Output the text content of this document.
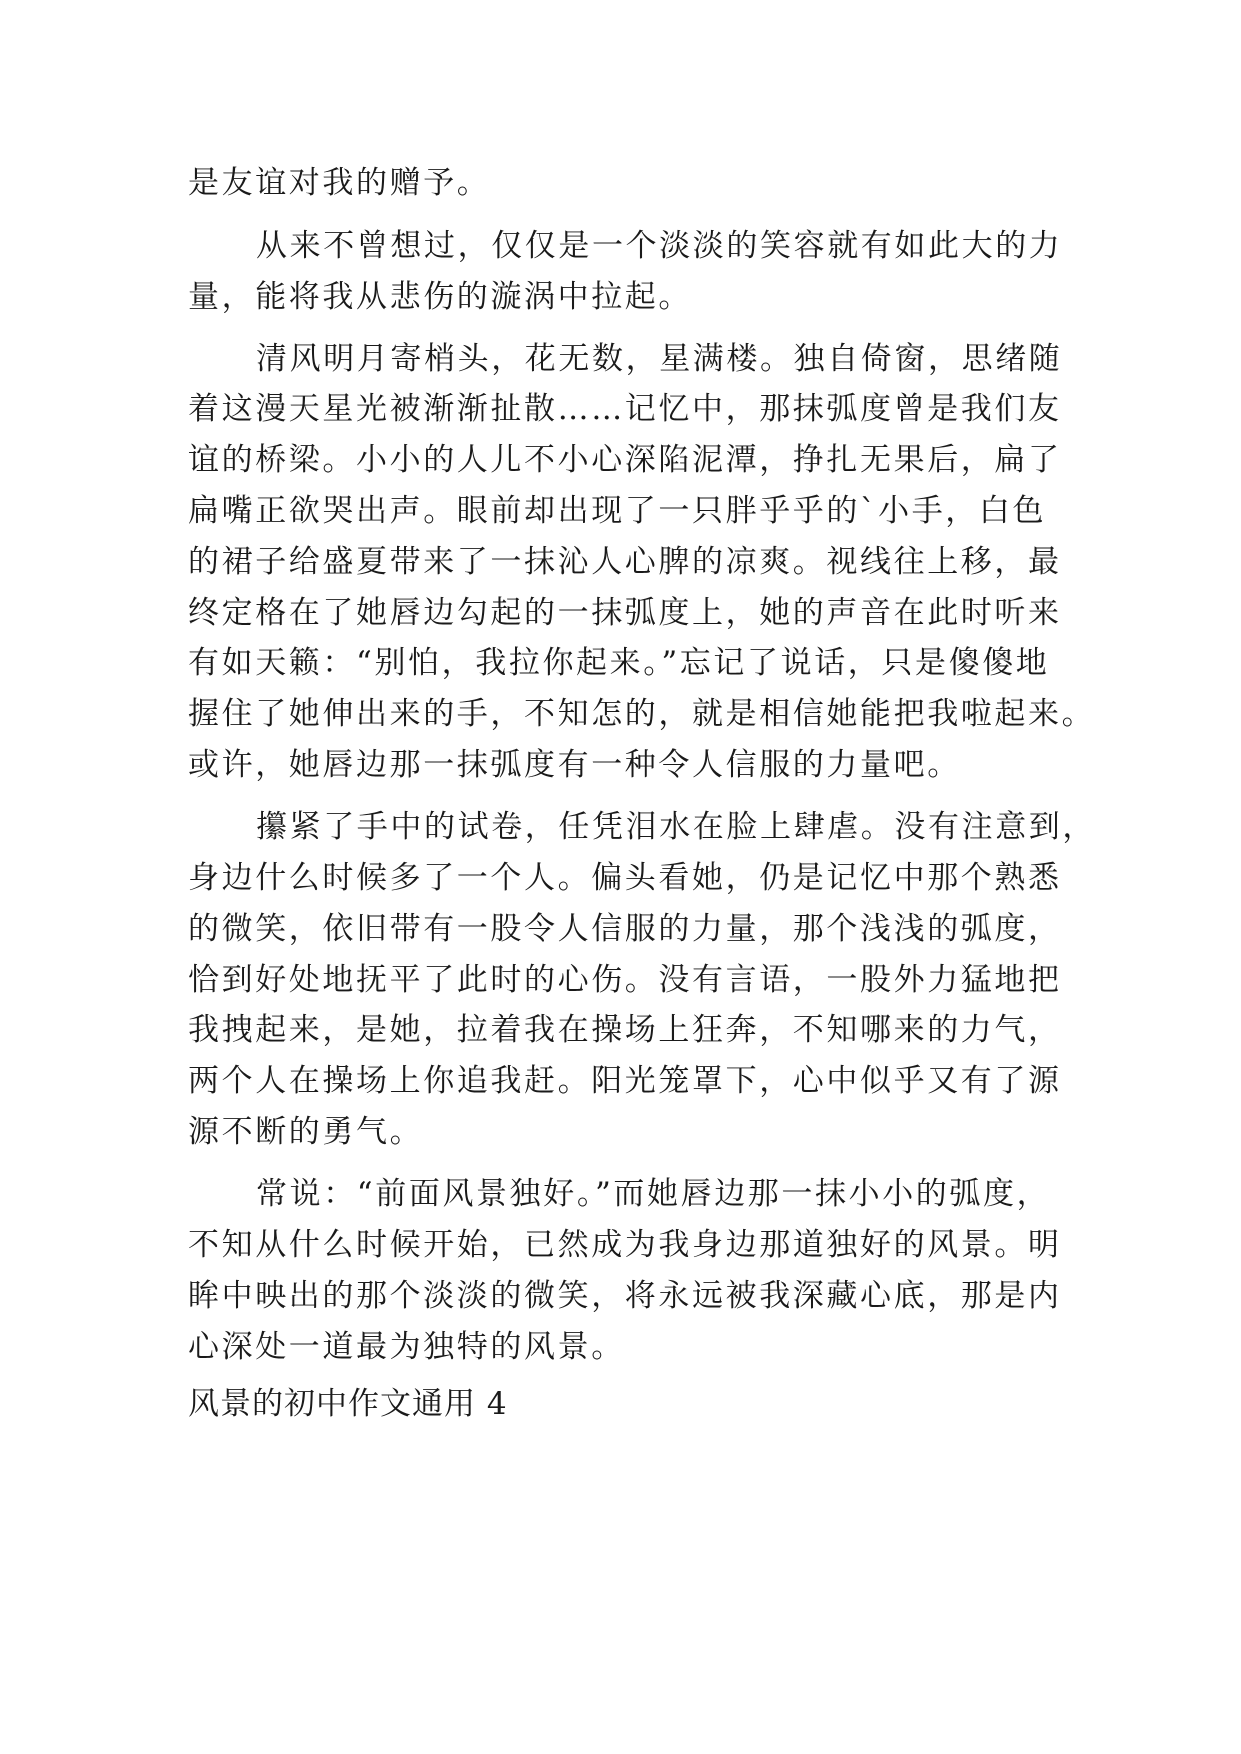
是友谊对我的赠予。

从来不曾想过，仅仅是一个淡淡的笑容就有如此大的力

量，能将我从悲伤的漩涡中拉起。

清风明月寄梢头，花无数，星满楼。独自倚窗，思绪随

着这漫天星光被渐渐扯散……记忆中，那抹弧度曾是我们友

谊的桥梁。小小的人儿不小心深陷泥潭，挣扎无果后，扁了

扁嘴正欲哭出声。眼前却出现了一只胖乎乎的`小手，白色

的裙子给盛夏带来了一抹沁人心脾的凉爽。视线往上移，最

终定格在了她唇边勾起的一抹弧度上，她的声音在此时听来

有如天籁：“别怕，我拉你起来。”忘记了说话，只是傻傻地

握住了她伸出来的手，不知怎的，就是相信她能把我啦起来。

或许，她唇边那一抹弧度有一种令人信服的力量吧。

攥紧了手中的试卷，任凭泪水在脸上肆虐。没有注意到，

身边什么时候多了一个人。偏头看她，仍是记忆中那个熟悉

的微笑，依旧带有一股令人信服的力量，那个浅浅的弧度，

恰到好处地抚平了此时的心伤。没有言语，一股外力猛地把

我拽起来，是她，拉着我在操场上狂奔，不知哪来的力气，

两个人在操场上你追我赶。阳光笼罩下，心中似乎又有了源

源不断的勇气。

常说：“前面风景独好。”而她唇边那一抹小小的弧度，

不知从什么时候开始，已然成为我身边那道独好的风景。明

眸中映出的那个淡淡的微笑，将永远被我深藏心底，那是内

心深处一道最为独特的风景。

风景的初中作文通用 4
